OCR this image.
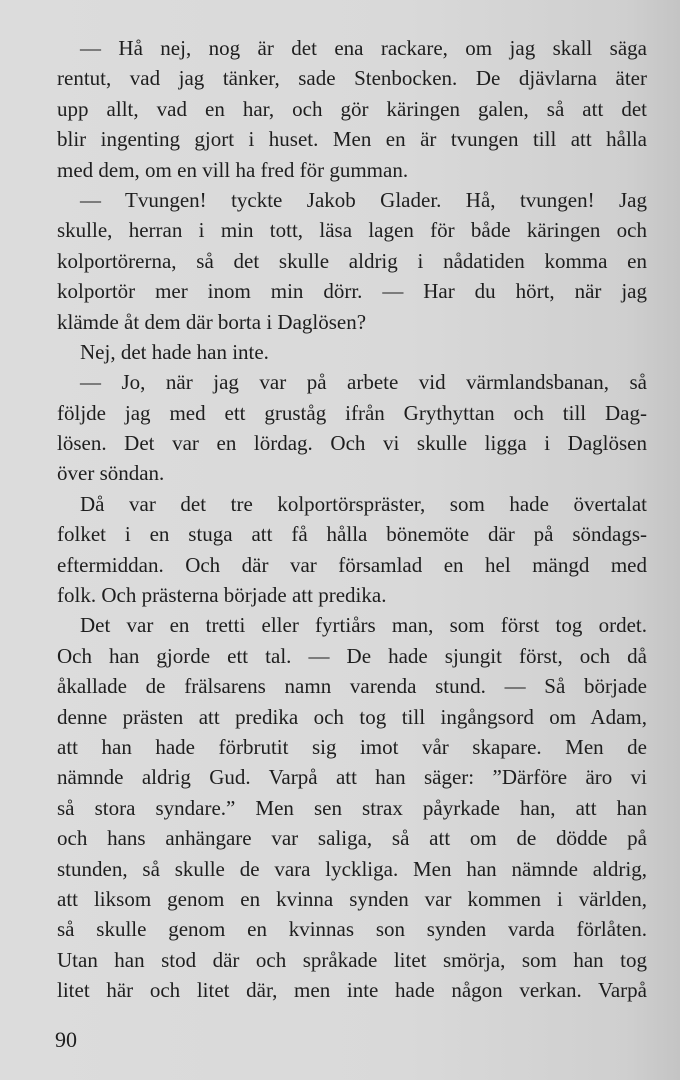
— Hå nej, nog är det ena rackare, om jag skall säga
rentut, vad jag tänker, sade Stenbocken. De djävlarna äter
upp allt, vad en har, och gör käringen galen, så att det
blir ingenting gjort i huset. Men en är tvungen till att hålla
med dem, om en vill ha fred för gumman.
— Tvungen! tyckte Jakob Glader. Hå, tvungen! Jag
skulle, herran i min tott, läsa lagen för både käringen och
kolportörerna, så det skulle aldrig i nådatiden komma en
kolportör mer inom min dörr. — Har du hört, när jag
klämde åt dem där borta i Daglösen?
Nej, det hade han inte.
— Jo, när jag var på arbete vid värmlandsbanan, så
följde jag med ett gruståg ifrån Grythyttan och till Dag-
lösen. Det var en lördag. Och vi skulle ligga i Daglösen
över söndan.
Då var det tre kolportörspräster, som hade övertalat
folket i en stuga att få hålla bönemöte där på söndags-
eftermiddan. Och där var församlad en hel mängd med
folk. Och prästerna började att predika.
Det var en tretti eller fyrtiårs man, som först tog ordet.
Och han gjorde ett tal. — De hade sjungit först, och då
åkallade de frälsarens namn varenda stund. — Så började
denne prästen att predika och tog till ingångsord om Adam,
att han hade förbrutit sig imot vår skapare. Men de
nämnde aldrig Gud. Varpå att han säger: ”Därföre äro vi
så stora syndare.” Men sen strax påyrkade han, att han
och hans anhängare var saliga, så att om de dödde på
stunden, så skulle de vara lyckliga. Men han nämnde aldrig,
att liksom genom en kvinna synden var kommen i världen,
så skulle genom en kvinnas son synden varda förlåten.
Utan han stod där och språkade litet smörja, som han tog
litet här och litet där, men inte hade någon verkan. Varpå
90
